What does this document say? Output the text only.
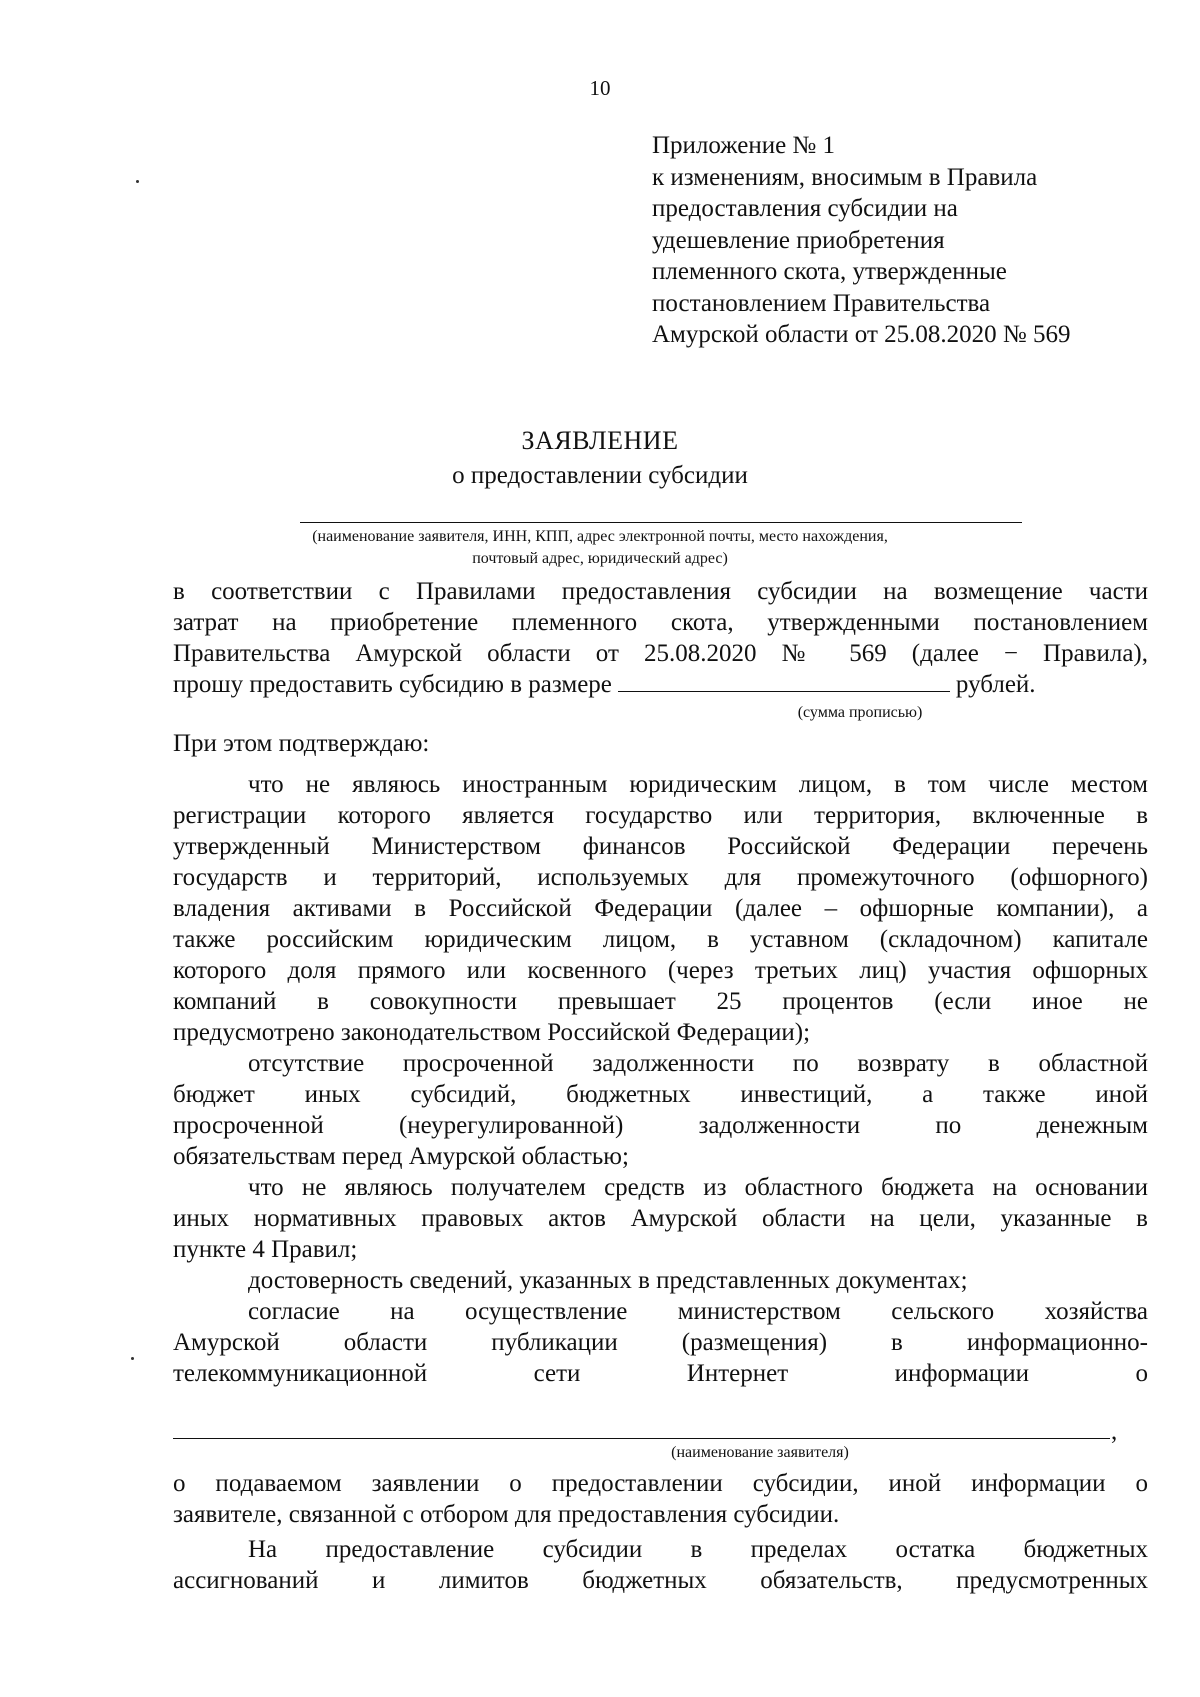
10
Приложение № 1
к изменениям, вносимым в Правила
предоставления субсидии на
удешевление приобретения
племенного скота, утвержденные
постановлением Правительства
Амурской области от 25.08.2020 № 569
ЗАЯВЛЕНИЕ
о предоставлении субсидии
(наименование заявителя, ИНН, КПП, адрес электронной почты, место нахождения,
почтовый адрес, юридический адрес)
в соответствии с Правилами предоставления субсидии на возмещение части
затрат на приобретение племенного скота, утвержденными постановлением
Правительства Амурской области от 25.08.2020 № 569 (далее − Правила),
прошу предоставить субсидию в размере	рублей.
(сумма прописью)
При этом подтверждаю:
что не являюсь иностранным юридическим лицом, в том числе местом
регистрации которого является государство или территория, включенные в
утвержденный Министерством финансов Российской Федерации перечень
государств и территорий, используемых для промежуточного (офшорного)
владения активами в Российской Федерации (далее – офшорные компании), а
также российским юридическим лицом, в уставном (складочном) капитале
которого доля прямого или косвенного (через третьих лиц) участия офшорных
компаний в совокупности превышает 25 процентов (если иное не
предусмотрено законодательством Российской Федерации);
отсутствие просроченной задолженности по возврату в областной
бюджет иных субсидий, бюджетных инвестиций, а также иной
просроченной (неурегулированной) задолженности по денежным
обязательствам перед Амурской областью;
что не являюсь получателем средств из областного бюджета на основании
иных нормативных правовых актов Амурской области на цели, указанные в
пункте 4 Правил;
достоверность сведений, указанных в представленных документах;
согласие на осуществление министерством сельского хозяйства
Амурской области публикации (размещения) в информационно-
телекоммуникационной сети Интернет информации о
,
(наименование заявителя)
о подаваемом заявлении о предоставлении субсидии, иной информации о
заявителе, связанной с отбором для предоставления субсидии.
На предоставление субсидии в пределах остатка бюджетных
ассигнований и лимитов бюджетных обязательств, предусмотренных
